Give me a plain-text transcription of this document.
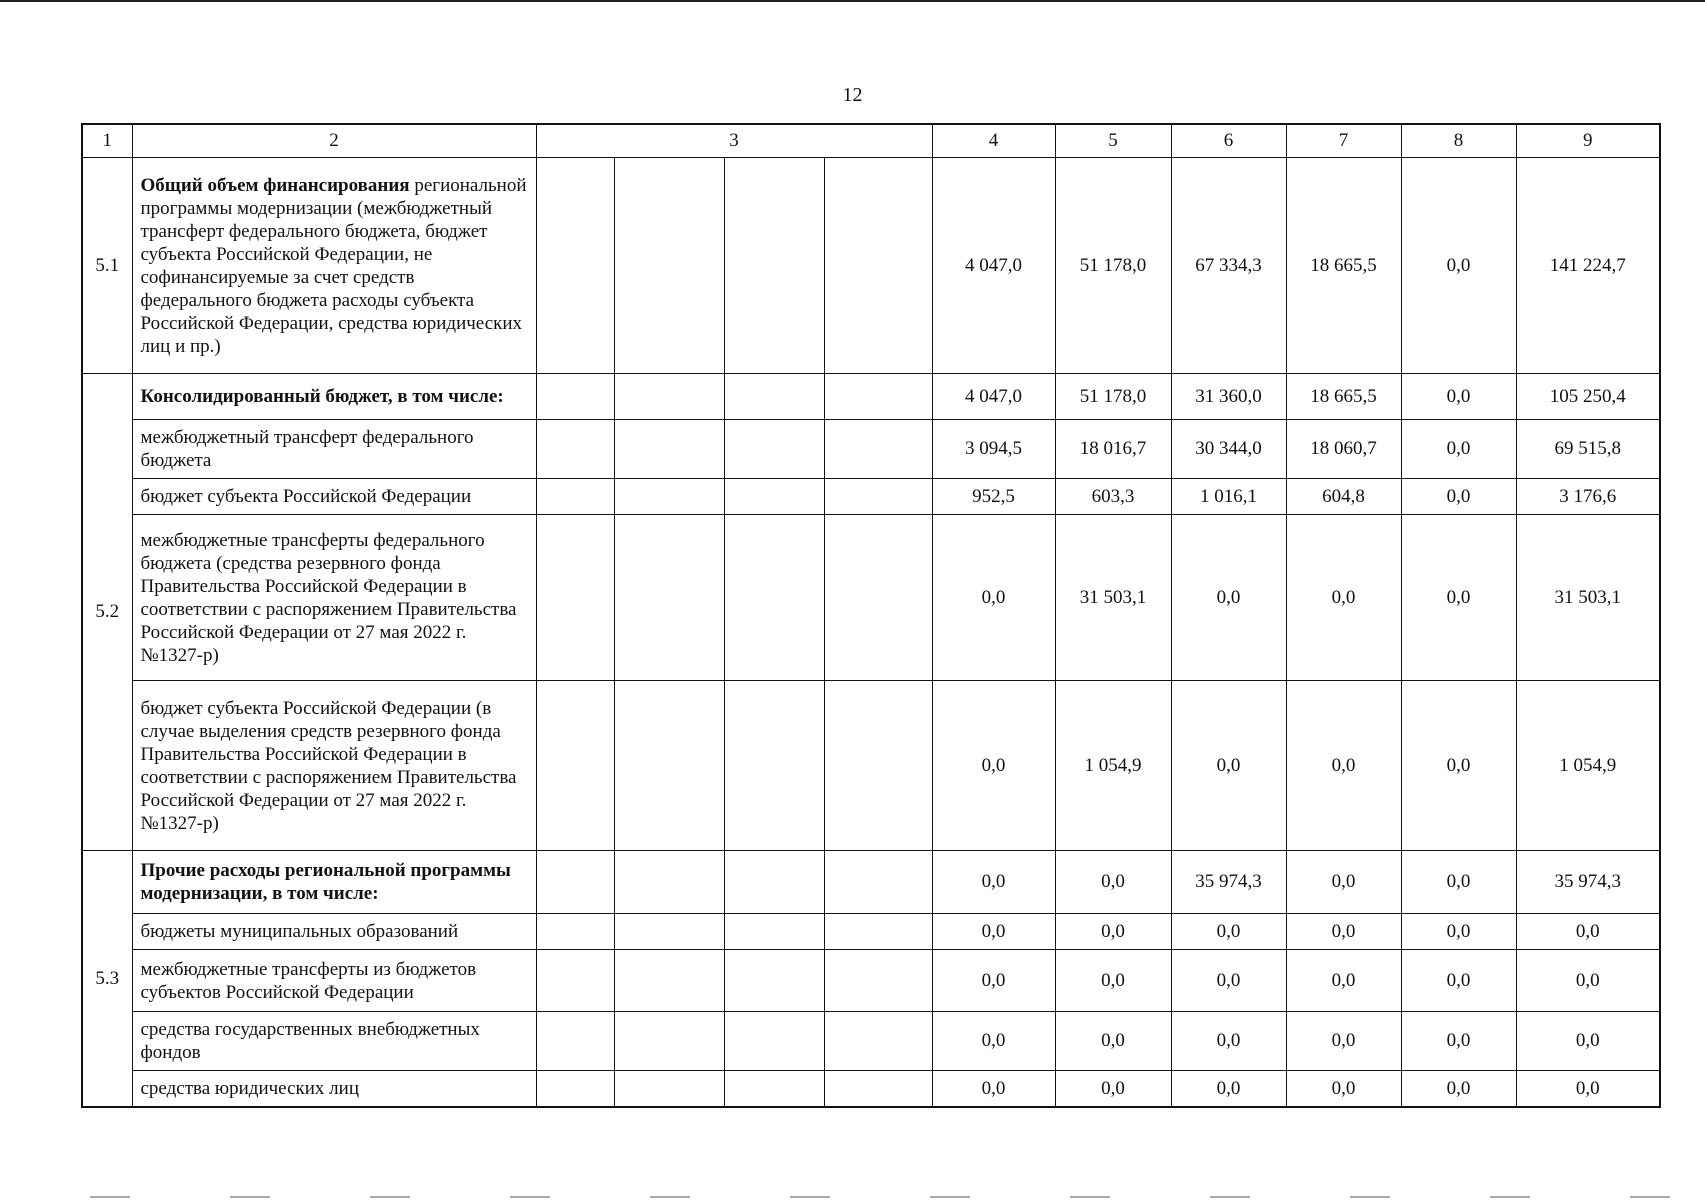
12
1	2	3				4	5	6	7	8	9
5.1	Общий объем финансирования региональной программы модернизации (межбюджетный трансферт федерального бюджета, бюджет субъекта Российской Федерации, не софинансируемые за счет средств федерального бюджета расходы субъекта Российской Федерации, средства юридических лиц и пр.)					4 047,0	51 178,0	67 334,3	18 665,5	0,0	141 224,7
5.2	Консолидированный бюджет, в том числе:					4 047,0	51 178,0	31 360,0	18 665,5	0,0	105 250,4
	межбюджетный трансферт федерального бюджета					3 094,5	18 016,7	30 344,0	18 060,7	0,0	69 515,8
	бюджет субъекта Российской Федерации					952,5	603,3	1 016,1	604,8	0,0	3 176,6
	межбюджетные трансферты федерального бюджета (средства резервного фонда Правительства Российской Федерации в соответствии с распоряжением Правительства Российской Федерации от 27 мая 2022 г. №1327-р)					0,0	31 503,1	0,0	0,0	0,0	31 503,1
	бюджет субъекта Российской Федерации (в случае выделения средств резервного фонда Правительства Российской Федерации в соответствии с распоряжением Правительства Российской Федерации от 27 мая 2022 г. №1327-р)					0,0	1 054,9	0,0	0,0	0,0	1 054,9
5.3	Прочие расходы региональной программы модернизации, в том числе:					0,0	0,0	35 974,3	0,0	0,0	35 974,3
	бюджеты муниципальных образований					0,0	0,0	0,0	0,0	0,0	0,0
	межбюджетные трансферты из бюджетов субъектов Российской Федерации					0,0	0,0	0,0	0,0	0,0	0,0
	средства государственных внебюджетных фондов					0,0	0,0	0,0	0,0	0,0	0,0
	средства юридических лиц					0,0	0,0	0,0	0,0	0,0	0,0
